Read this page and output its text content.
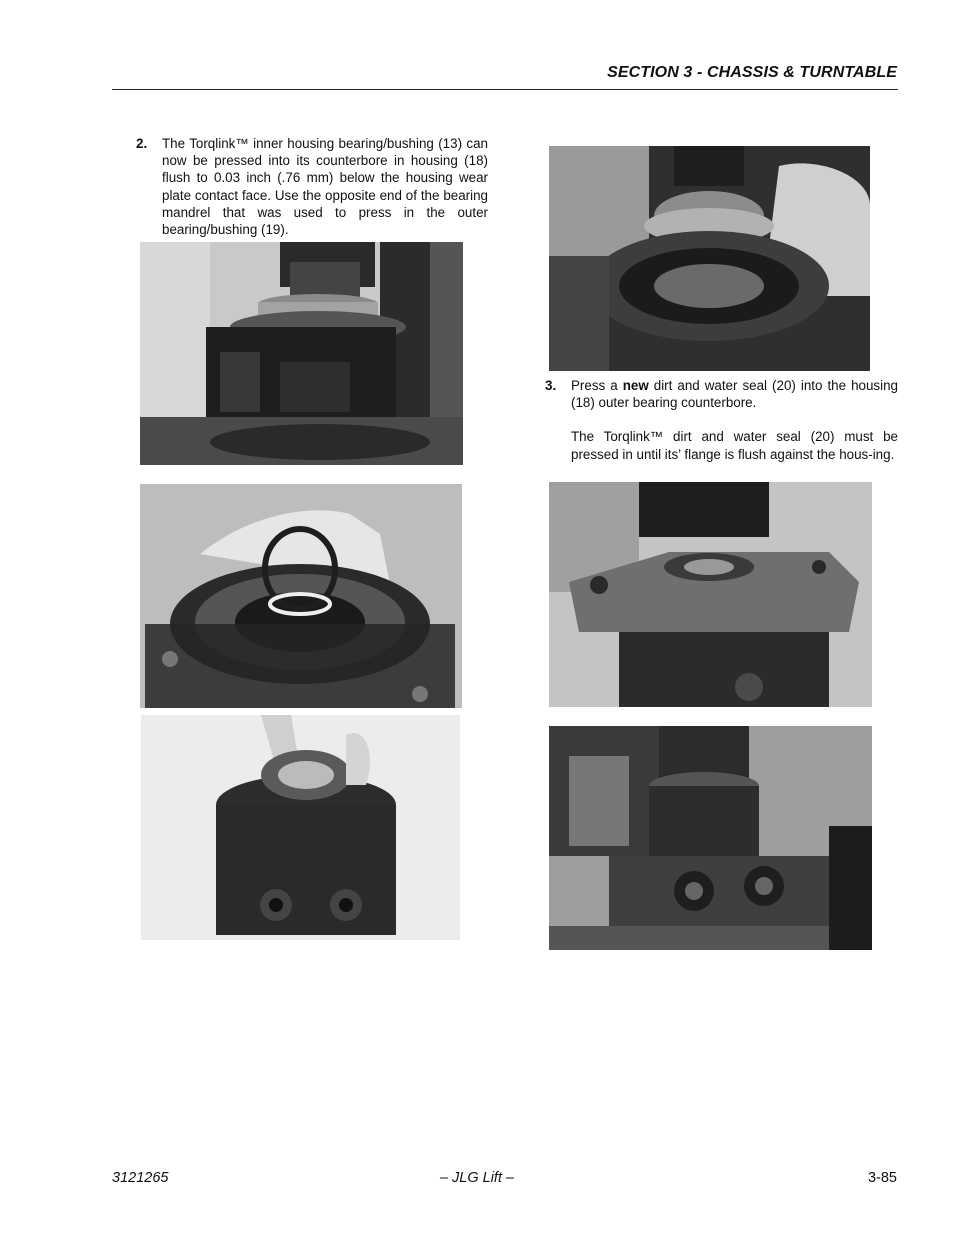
SECTION 3 - CHASSIS & TURNTABLE
2. The Torqlink™ inner housing bearing/bushing (13) can now be pressed into its counterbore in housing (18) flush to 0.03 inch (.76 mm) below the housing wear plate contact face. Use the opposite end of the bearing mandrel that was used to press in the outer bearing/bushing (19).

3. Press a new dirt and water seal (20) into the housing (18) outer bearing counterbore.

The Torqlink™ dirt and water seal (20) must be pressed in until its’ flange is flush against the hous-ing.

3121265	– JLG Lift –	3-85
